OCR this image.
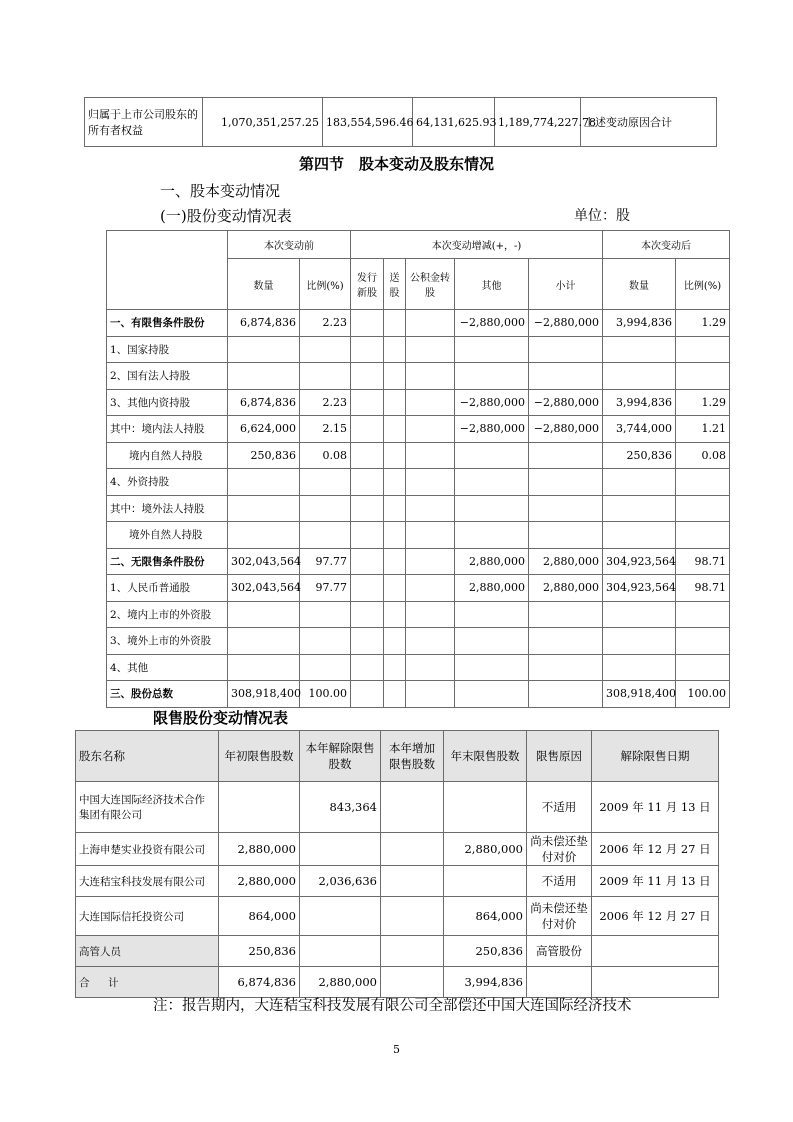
归属于上市公司股东的所有者权益	1,070,351,257.25	183,554,596.46	64,131,625.93	1,189,774,227.78	上述变动原因合计
第四节　股本变动及股东情况
一、股本变动情况
(一)股份变动情况表	单位：股
	本次变动前		本次变动增减(+，-)					本次变动后	
	数量	比例(%)	发行新股	送股	公积金转股	其他	小计	数量	比例(%)
一、有限售条件股份	6,874,836	2.23				−2,880,000	−2,880,000	3,994,836	1.29
1、国家持股									
2、国有法人持股									
3、其他内资持股	6,874,836	2.23				−2,880,000	−2,880,000	3,994,836	1.29
其中：境内法人持股	6,624,000	2.15				−2,880,000	−2,880,000	3,744,000	1.21
境内自然人持股	250,836	0.08						250,836	0.08
4、外资持股									
其中：境外法人持股									
境外自然人持股									
二、无限售条件股份	302,043,564	97.77				2,880,000	2,880,000	304,923,564	98.71
1、人民币普通股	302,043,564	97.77				2,880,000	2,880,000	304,923,564	98.71
2、境内上市的外资股									
3、境外上市的外资股									
4、其他									
三、股份总数	308,918,400	100.00						308,918,400	100.00
限售股份变动情况表
股东名称	年初限售股数	本年解除限售股数	本年增加限售股数	年末限售股数	限售原因	解除限售日期
中国大连国际经济技术合作集团有限公司		843,364			不适用	2009 年 11 月 13 日
上海申楚实业投资有限公司	2,880,000			2,880,000	尚未偿还垫付对价	2006 年 12 月 27 日
大连秸宝科技发展有限公司	2,880,000	2,036,636			不适用	2009 年 11 月 13 日
大连国际信托投资公司	864,000			864,000	尚未偿还垫付对价	2006 年 12 月 27 日
高管人员	250,836			250,836	高管股份	
合　计	6,874,836	2,880,000		3,994,836		
注：报告期内，大连秸宝科技发展有限公司全部偿还中国大连国际经济技术
5
